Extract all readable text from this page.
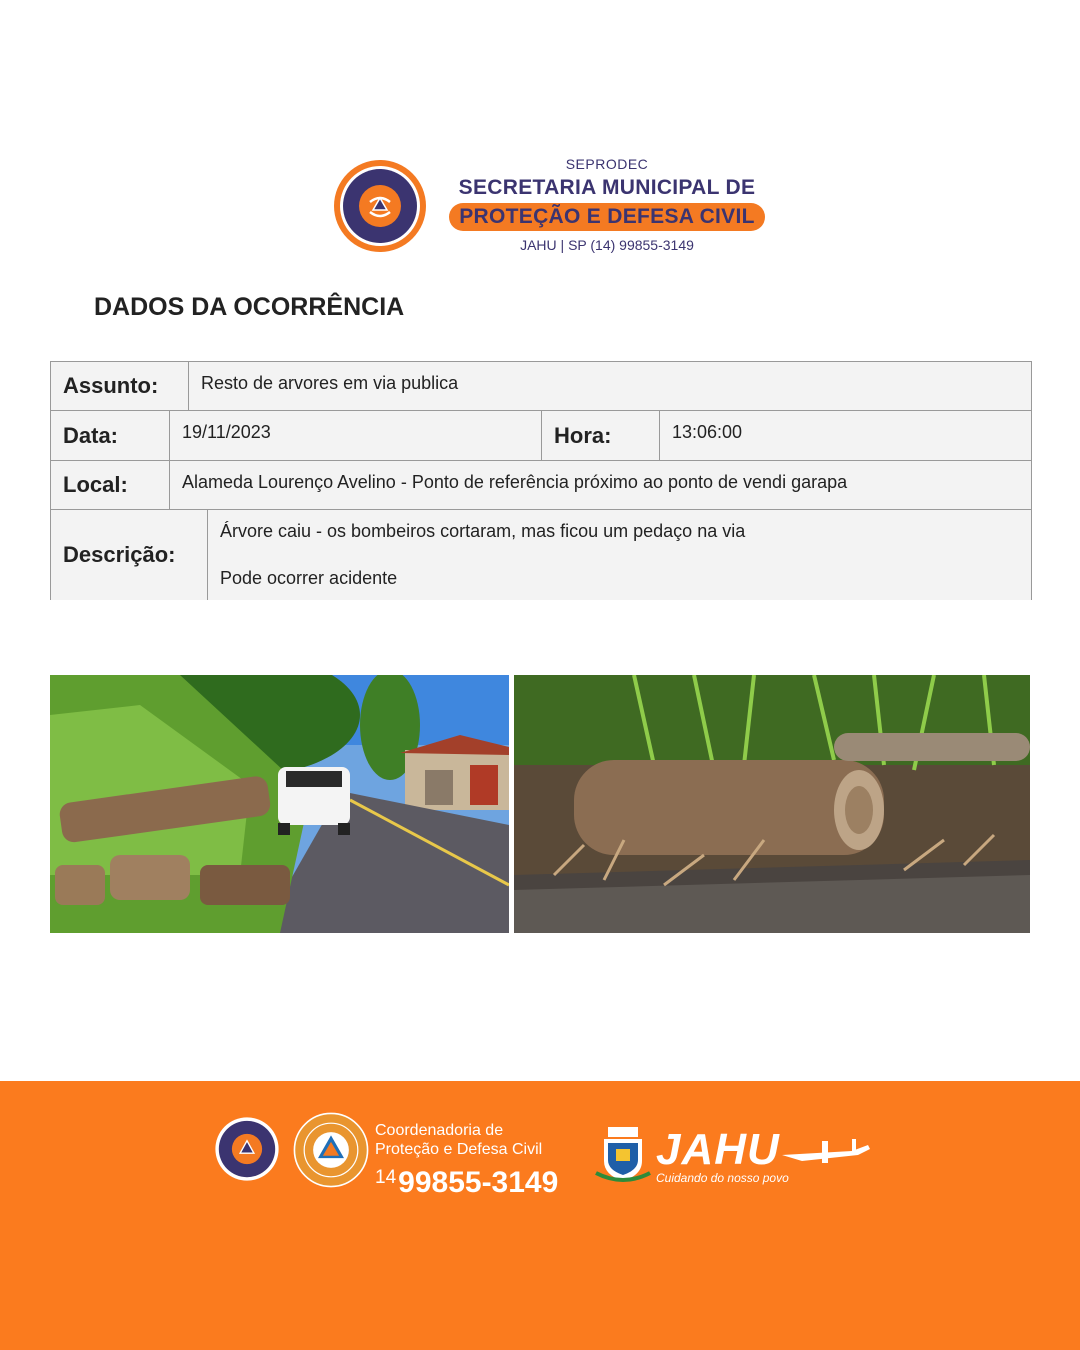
SEPRODEC
SECRETARIA MUNICIPAL DE
PROTEÇÃO E DEFESA CIVIL
JAHU | SP (14) 99855-3149
DADOS DA OCORRÊNCIA
Assunto:	Resto de arvores em via publica
Data:	19/11/2023	Hora:	13:06:00
Local:	Alameda Lourenço Avelino - Ponto de referência próximo ao ponto de vendi garapa
Descrição:
Árvore caiu - os bombeiros cortaram, mas ficou um pedaço na via
Pode ocorrer acidente
Coordenadoria de
Proteção e Defesa Civil
$^{14}$99855-3149
JAHU
Cuidando do nosso povo
